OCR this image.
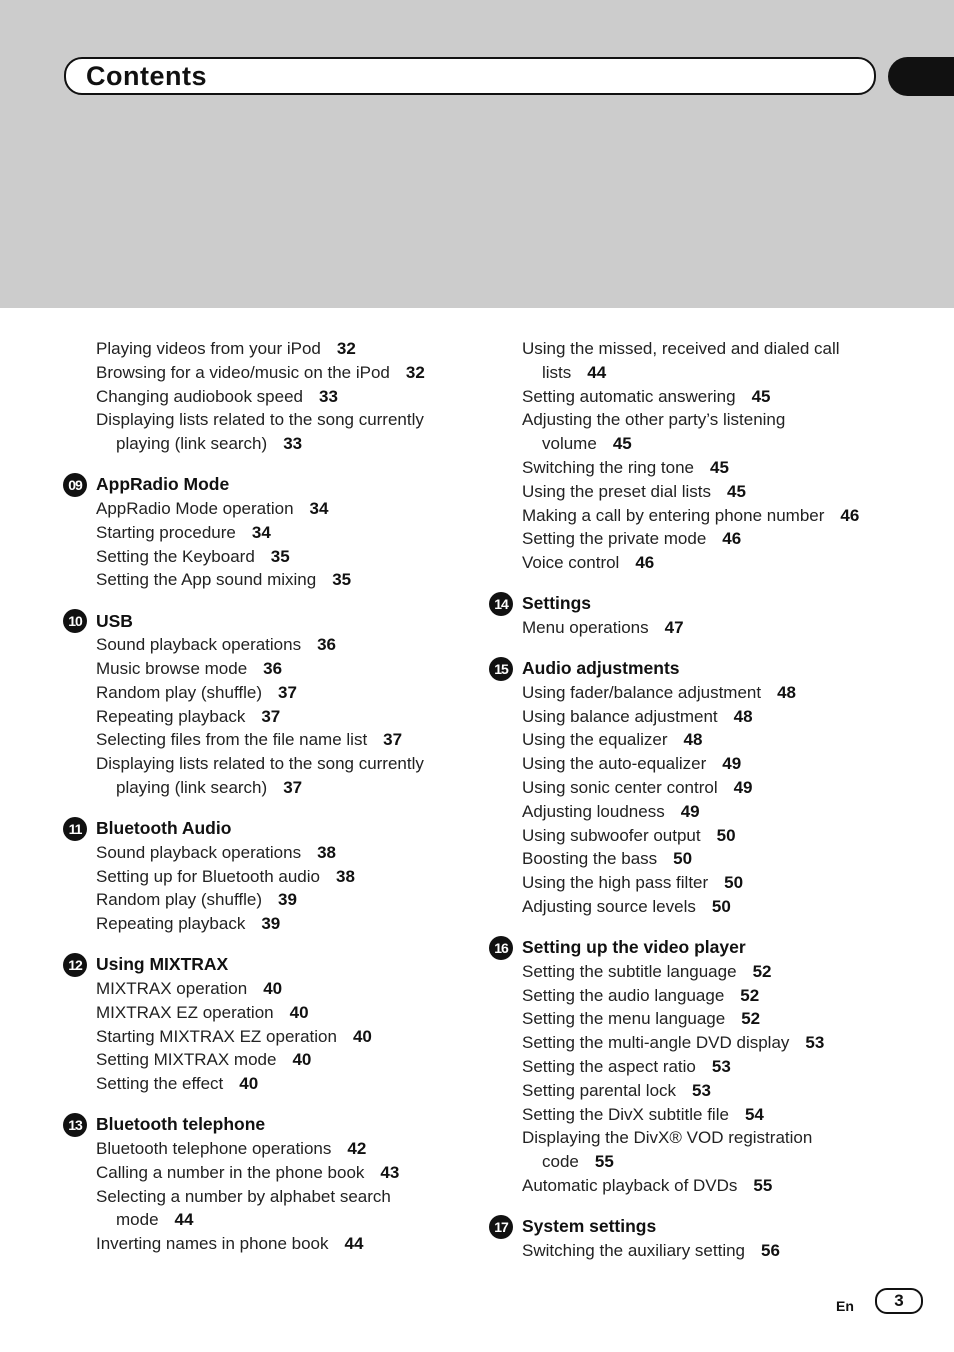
Contents
Playing videos from your iPod 32
Browsing for a video/music on the iPod 32
Changing audiobook speed 33
Displaying lists related to the song currently
playing (link search) 33
09 AppRadio Mode
AppRadio Mode operation 34
Starting procedure 34
Setting the Keyboard 35
Setting the App sound mixing 35
10 USB
Sound playback operations 36
Music browse mode 36
Random play (shuffle) 37
Repeating playback 37
Selecting files from the file name list 37
Displaying lists related to the song currently
playing (link search) 37
11 Bluetooth Audio
Sound playback operations 38
Setting up for Bluetooth audio 38
Random play (shuffle) 39
Repeating playback 39
12 Using MIXTRAX
MIXTRAX operation 40
MIXTRAX EZ operation 40
Starting MIXTRAX EZ operation 40
Setting MIXTRAX mode 40
Setting the effect 40
13 Bluetooth telephone
Bluetooth telephone operations 42
Calling a number in the phone book 43
Selecting a number by alphabet search
mode 44
Inverting names in phone book 44
Using the missed, received and dialed call
lists 44
Setting automatic answering 45
Adjusting the other party’s listening
volume 45
Switching the ring tone 45
Using the preset dial lists 45
Making a call by entering phone number 46
Setting the private mode 46
Voice control 46
14 Settings
Menu operations 47
15 Audio adjustments
Using fader/balance adjustment 48
Using balance adjustment 48
Using the equalizer 48
Using the auto-equalizer 49
Using sonic center control 49
Adjusting loudness 49
Using subwoofer output 50
Boosting the bass 50
Using the high pass filter 50
Adjusting source levels 50
16 Setting up the video player
Setting the subtitle language 52
Setting the audio language 52
Setting the menu language 52
Setting the multi-angle DVD display 53
Setting the aspect ratio 53
Setting parental lock 53
Setting the DivX subtitle file 54
Displaying the DivX® VOD registration
code 55
Automatic playback of DVDs 55
17 System settings
Switching the auxiliary setting 56
En	3
